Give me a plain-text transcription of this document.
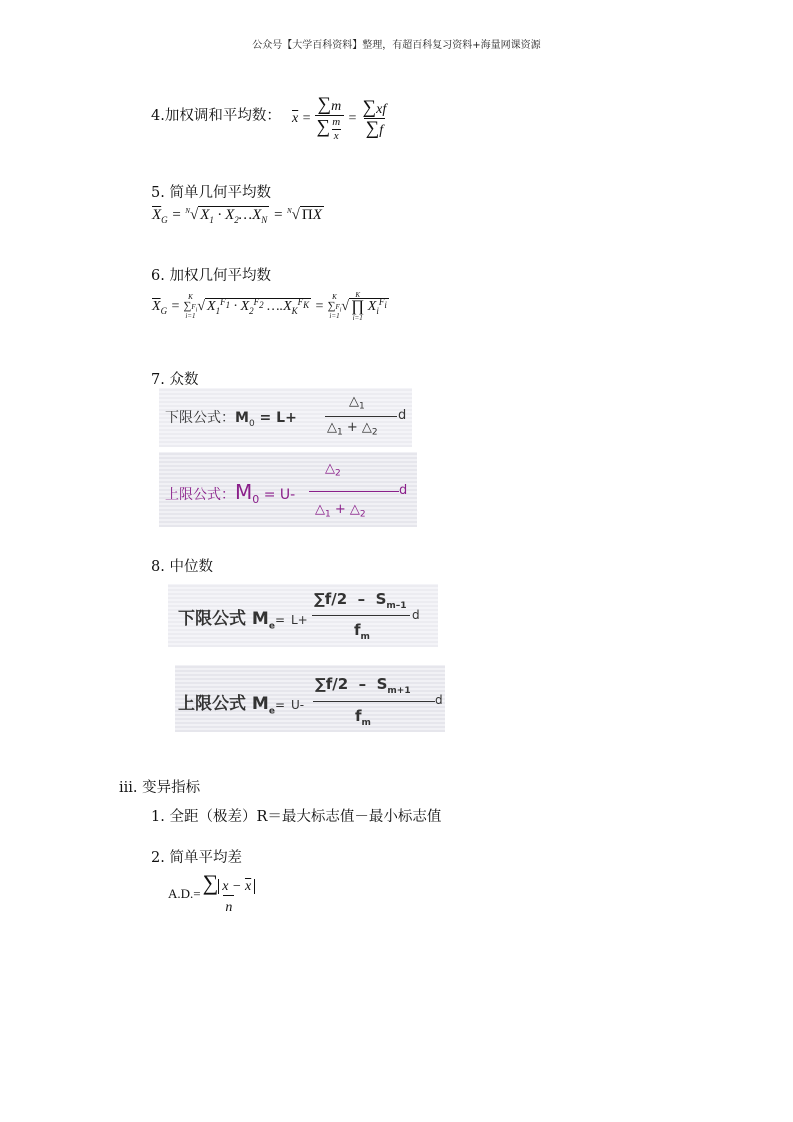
公众号【大学百科资料】整理，有超百科复习资料+海量网课资源
4.加权调和平均数： $\overline{x} = \frac{\sum m}{\sum \frac{m}{x}} = \frac{\sum xf}{\sum f}$
5. 简单几何平均数
$\overline{X}_G = ^N√$ $X_1$ · $X_2\dots X_N = ^N√$ ΠX
6. 加权几何平均数
$\overline{X}_G = K$
$\sum F_i$
i=1√ $X_1^{F_1} \cdot X_2^{F_2}$ $\dots.X_K^{F_K} = K$
$\sum F_i$
i=1√K
∏
i=1 $X_i^{F_i}$
7. 众数
下限公式：$M_0 = L+$
$\triangle_1$
$\triangle_1$ + $\triangle_2$
d
上限公式：$M_0 = U-$
$\triangle_2$
$\triangle_1$ + $\triangle_2$
d
8. 中位数
下限公式 $M_e= L+$
$\sum f/2 - S_{m-1}$
$f_m$
d
上限公式 $M_e= U-$
$\sum f/2 - S_{m+1}$
$f_m$
d
iii. 变异指标
1. 全距（极差）R＝最大标志值－最小标志值
2. 简单平均差
$A.D.= \frac{\sum x - \overline{x}}{n}$
